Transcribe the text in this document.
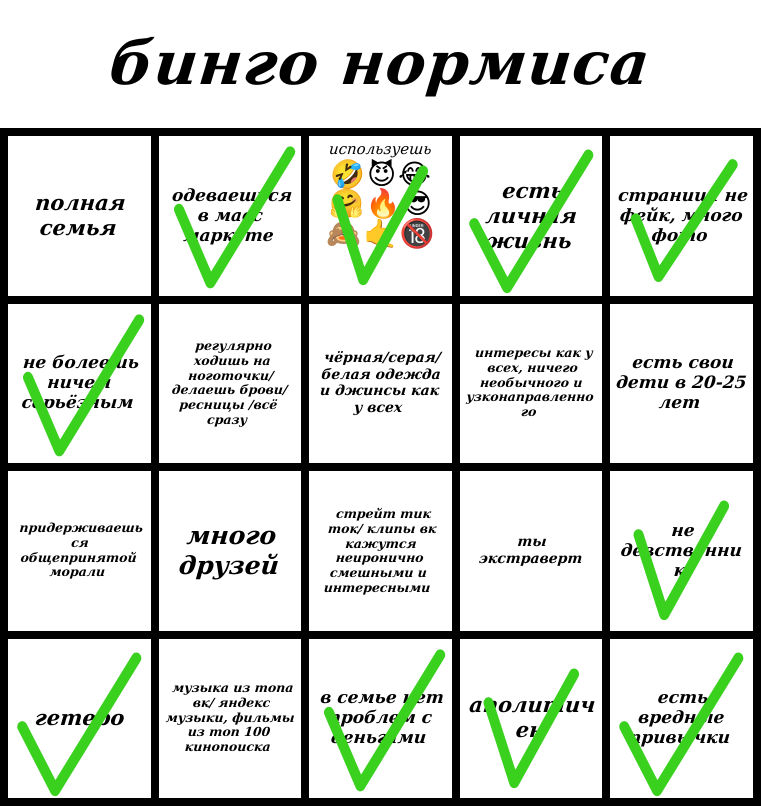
бинго нормиса
полная семья
одеваешься в масс маркете
используешь
🤣 😈 😂
🤗 🔥 😎
🙈 🤙 🔞
есть личная жизнь
страница не фейк, много фото
не болеешь ничем серьёзным
регулярно ходишь на ноготочки/делаешь брови/ресницы /всё сразу
чёрная/серая/белая одежда и джинсы как у всех
интересы как у всех, ничего необычного и узконаправленного
есть свои дети в 20-25 лет
придерживаешься общепринятой морали
много друзей
стрейт тик ток/ клипы вк кажутся неиронично смешными и интересными
ты экстраверт
не девственник
гетеро
музыка из топа вк/ яндекс музыки, фильмы из топ 100 кинопоиска
в семье нет проблем с деньгами
аполитичен
есть вредные привычки
